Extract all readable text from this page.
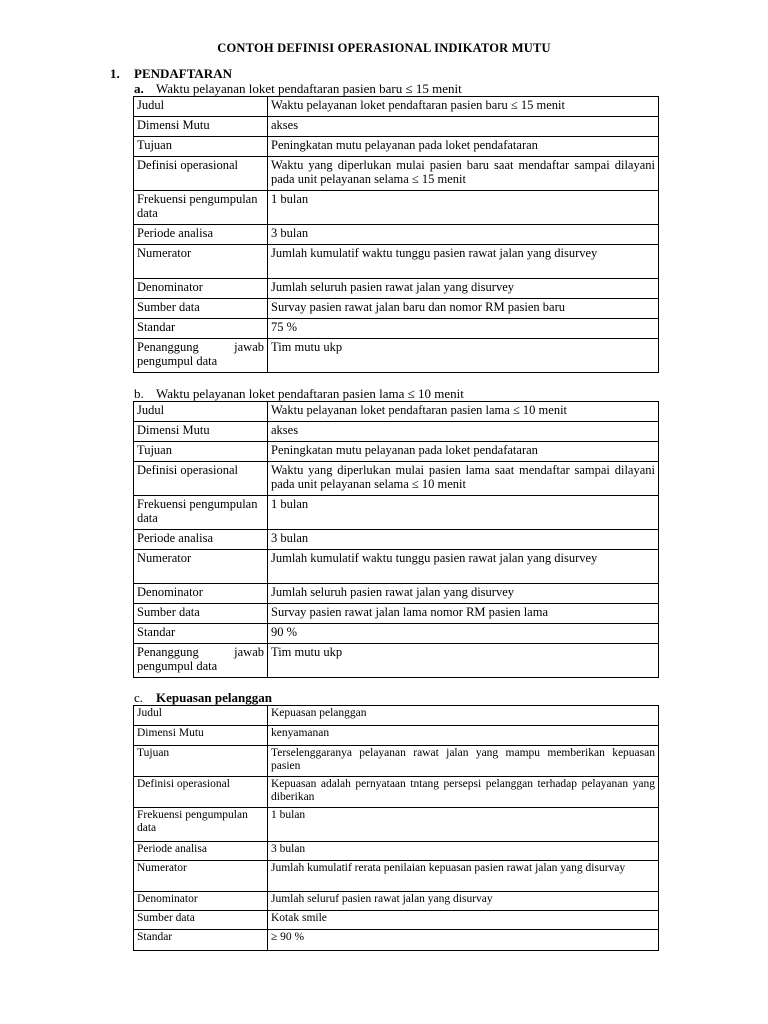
CONTOH DEFINISI OPERASIONAL INDIKATOR MUTU
1. PENDAFTARAN
a. Waktu pelayanan loket pendaftaran pasien baru ≤ 15 menit
Judul	Waktu pelayanan loket pendaftaran pasien baru ≤ 15 menit
Dimensi Mutu	akses
Tujuan	Peningkatan mutu pelayanan pada loket pendafataran
Definisi operasional	Waktu yang diperlukan mulai pasien baru saat mendaftar sampai dilayani pada unit pelayanan selama ≤ 15 menit
Frekuensi pengumpulan data	1 bulan
Periode analisa	3 bulan
Numerator	Jumlah kumulatif waktu tunggu pasien rawat jalan yang disurvey
Denominator	Jumlah seluruh pasien rawat jalan yang disurvey
Sumber data	Survay pasien rawat jalan baru dan nomor RM pasien baru
Standar	75 %
Penanggung jawab pengumpul data	Tim mutu ukp
b. Waktu pelayanan loket pendaftaran pasien lama ≤ 10 menit
Judul	Waktu pelayanan loket pendaftaran pasien lama ≤ 10 menit
Dimensi Mutu	akses
Tujuan	Peningkatan mutu pelayanan pada loket pendafataran
Definisi operasional	Waktu yang diperlukan mulai pasien lama saat mendaftar sampai dilayani pada unit pelayanan selama ≤ 10 menit
Frekuensi pengumpulan data	1 bulan
Periode analisa	3 bulan
Numerator	Jumlah kumulatif waktu tunggu pasien rawat jalan yang disurvey
Denominator	Jumlah seluruh pasien rawat jalan yang disurvey
Sumber data	Survay pasien rawat jalan lama nomor RM pasien lama
Standar	90 %
Penanggung jawab pengumpul data	Tim mutu ukp
c. Kepuasan pelanggan
Judul	Kepuasan pelanggan
Dimensi Mutu	kenyamanan
Tujuan	Terselenggaranya pelayanan rawat jalan yang mampu memberikan kepuasan pasien
Definisi operasional	Kepuasan adalah pernyataan tntang persepsi pelanggan terhadap pelayanan yang diberikan
Frekuensi pengumpulan data	1 bulan
Periode analisa	3 bulan
Numerator	Jumlah kumulatif rerata penilaian kepuasan pasien rawat jalan yang disurvay
Denominator	Jumlah seluruf pasien rawat jalan yang disurvay
Sumber data	Kotak smile
Standar	≥ 90 %
